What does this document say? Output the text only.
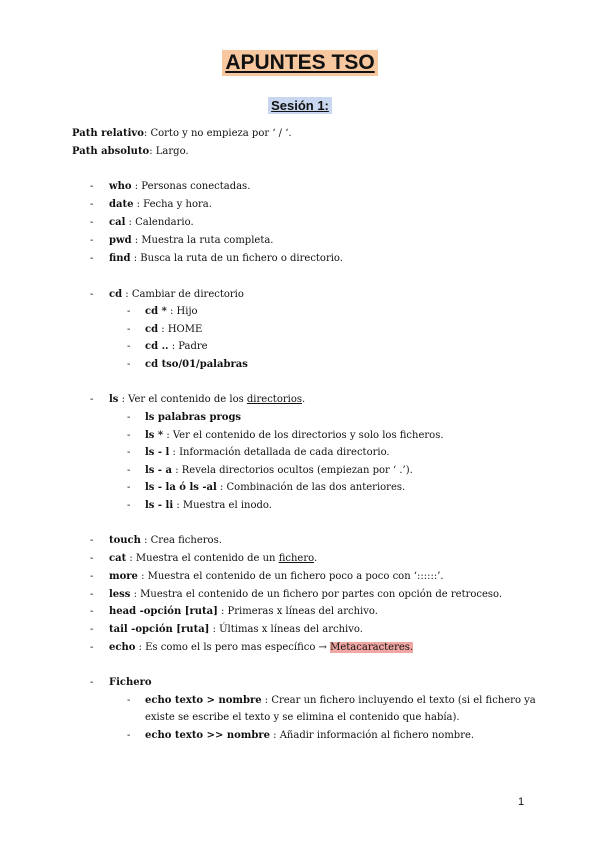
APUNTES TSO
Sesión 1:
Path relativo: Corto y no empieza por ‘ / ‘.
Path absoluto: Largo.
- who : Personas conectadas.
- date : Fecha y hora.
- cal : Calendario.
- pwd : Muestra la ruta completa.
- find : Busca la ruta de un fichero o directorio.
- cd : Cambiar de directorio
- cd * : Hijo
- cd : HOME
- cd .. : Padre
- cd tso/01/palabras
- ls : Ver el contenido de los directorios.
- ls palabras progs
- ls * : Ver el contenido de los directorios y solo los ficheros.
- ls - l : Información detallada de cada directorio.
- ls - a : Revela directorios ocultos (empiezan por ‘ .’).
- ls - la ó ls -al : Combinación de las dos anteriores.
- ls - li : Muestra el inodo.
- touch : Crea ficheros.
- cat : Muestra el contenido de un fichero.
- more : Muestra el contenido de un fichero poco a poco con ‘::::::’.
- less : Muestra el contenido de un fichero por partes con opción de retroceso.
- head -opción [ruta] : Primeras x líneas del archivo.
- tail -opción [ruta] : Últimas x líneas del archivo.
- echo : Es como el ls pero mas específico → Metacaracteres.
- Fichero
- echo texto > nombre : Crear un fichero incluyendo el texto (si el fichero ya
existe se escribe el texto y se elimina el contenido que había).
- echo texto >> nombre : Añadir información al fichero nombre.
1
